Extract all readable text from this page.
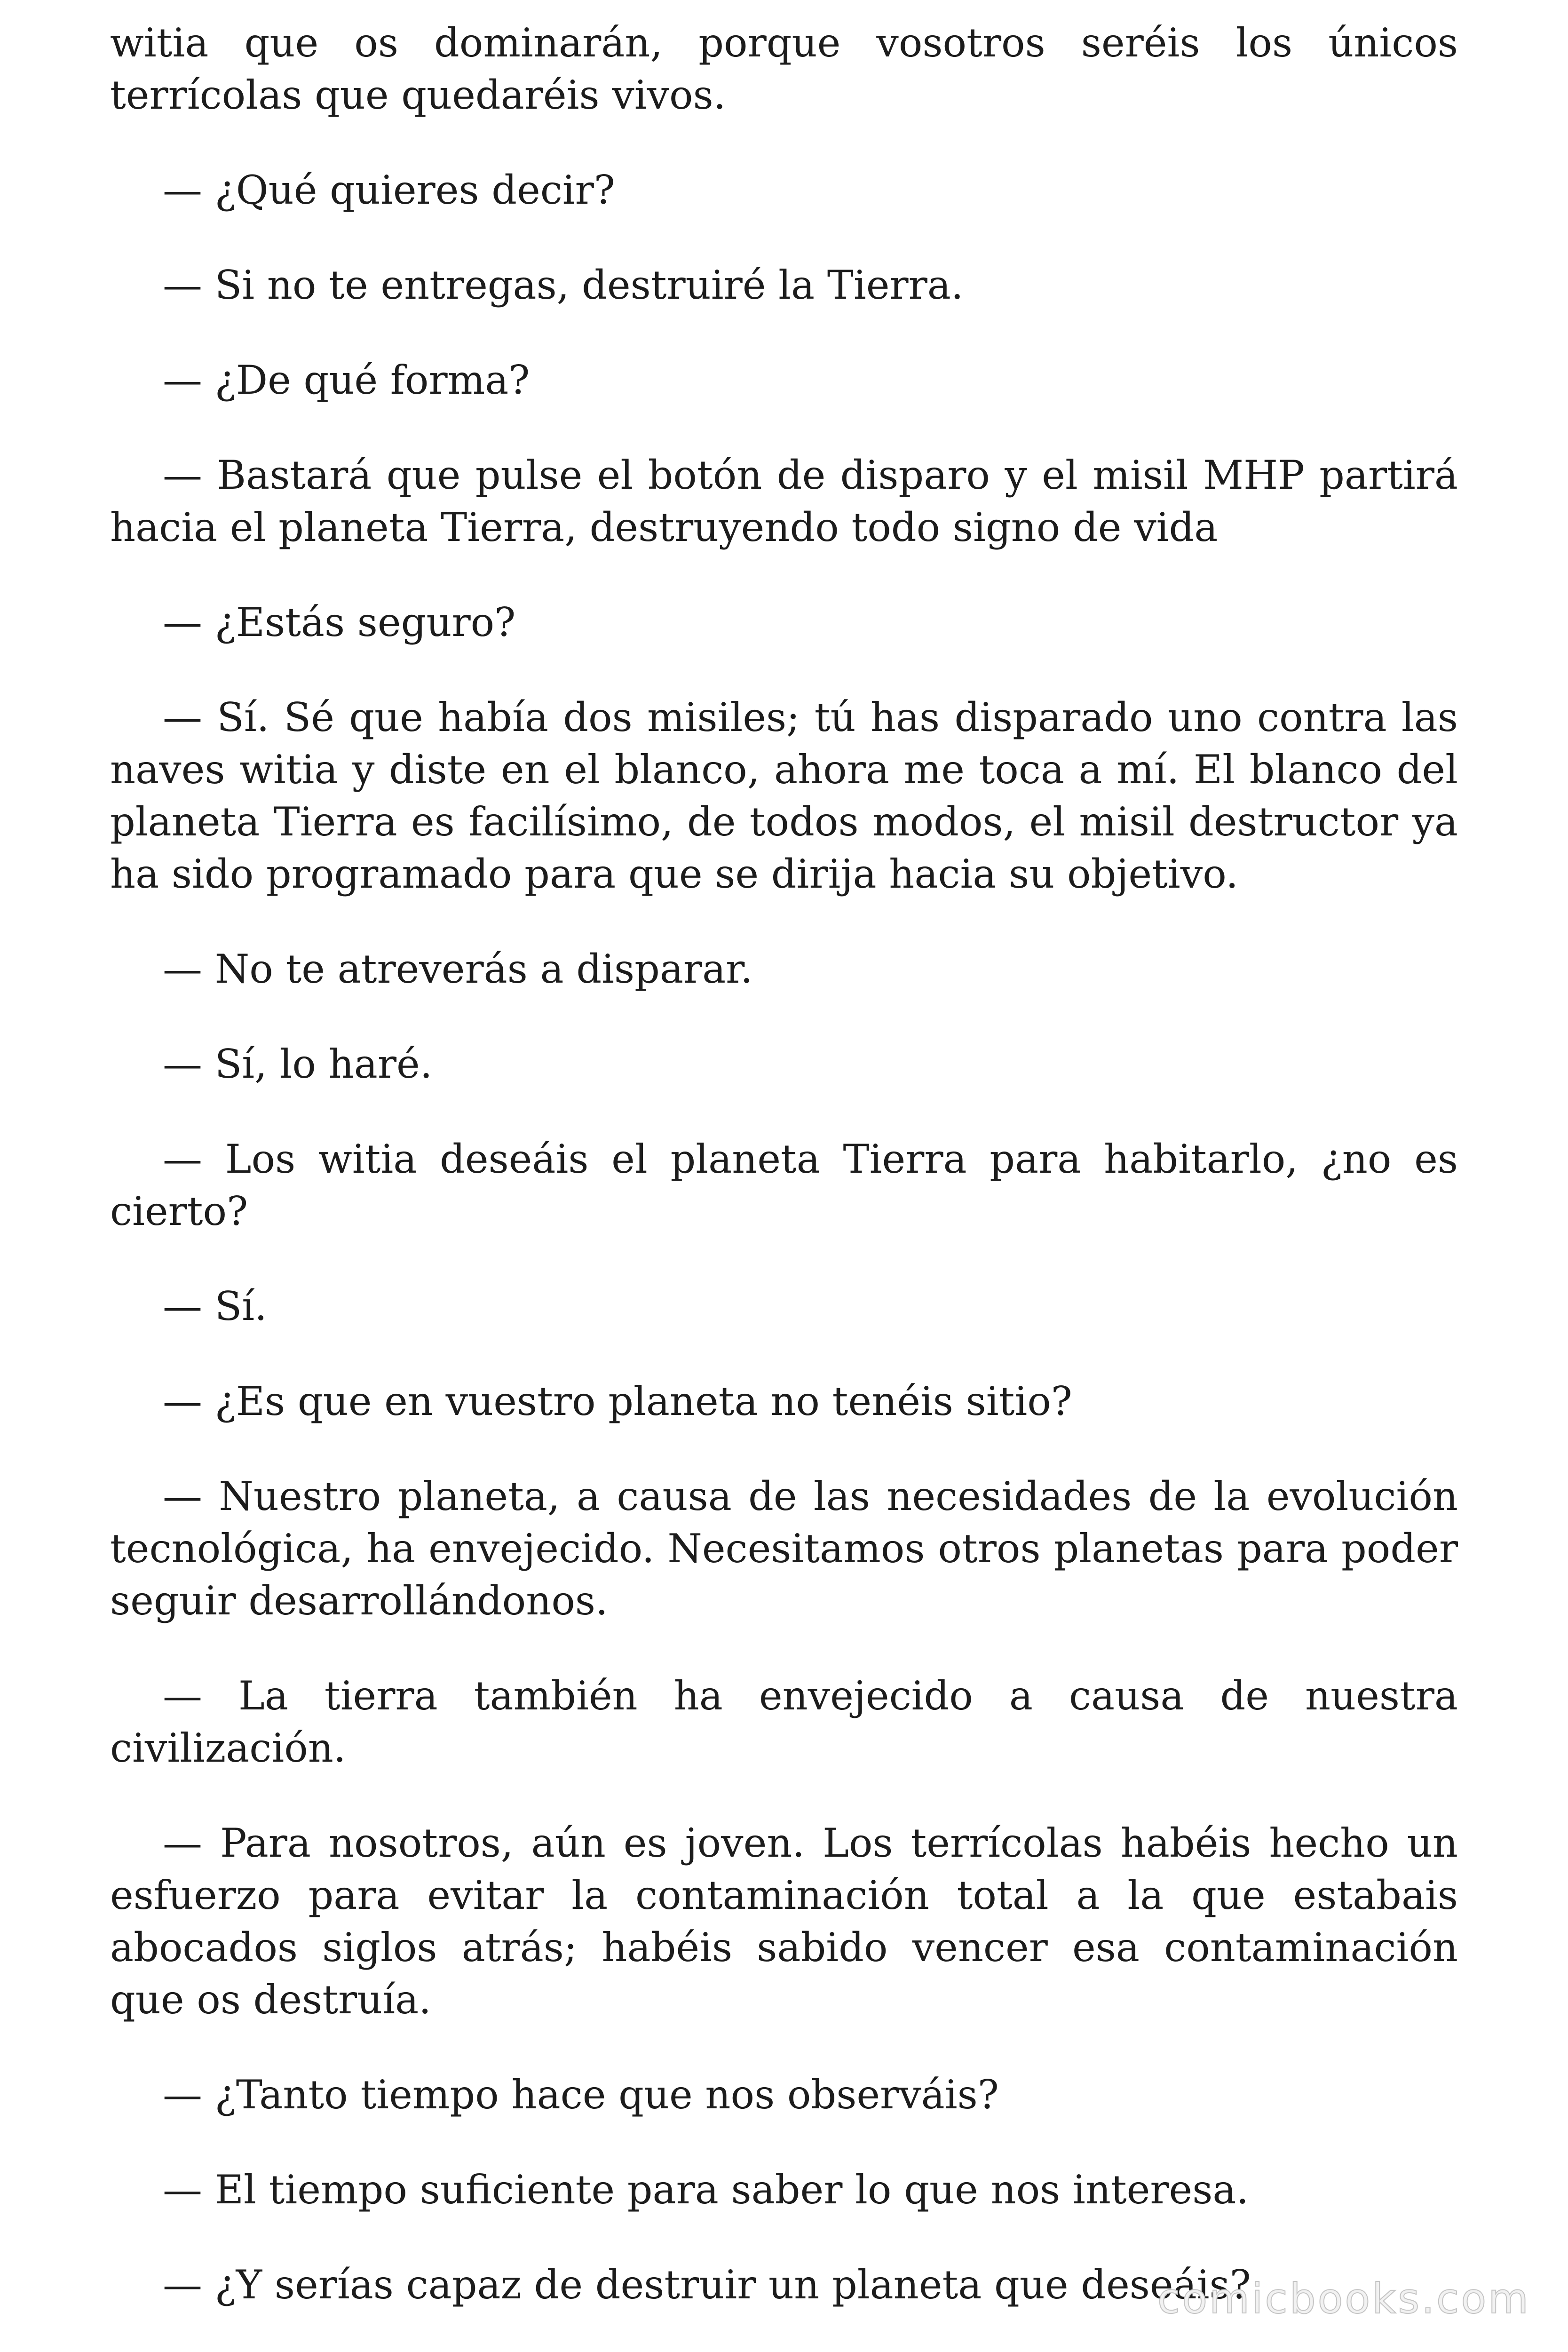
witia que os dominarán, porque vosotros seréis los únicos terrícolas que quedaréis vivos.

— ¿Qué quieres decir?

— Si no te entregas, destruiré la Tierra.

— ¿De qué forma?

— Bastará que pulse el botón de disparo y el misil MHP partirá hacia el planeta Tierra, destruyendo todo signo de vida

— ¿Estás seguro?

— Sí. Sé que había dos misiles; tú has disparado uno contra las naves witia y diste en el blanco, ahora me toca a mí. El blanco del planeta Tierra es facilísimo, de todos modos, el misil destructor ya ha sido programado para que se dirija hacia su objetivo.

— No te atreverás a disparar.

— Sí, lo haré.

— Los witia deseáis el planeta Tierra para habitarlo, ¿no es cierto?

— Sí.

— ¿Es que en vuestro planeta no tenéis sitio?

— Nuestro planeta, a causa de las necesidades de la evolución tecnológica, ha envejecido. Necesitamos otros planetas para poder seguir desarrollándonos.

— La tierra también ha envejecido a causa de nuestra civilización.

— Para nosotros, aún es joven. Los terrícolas habéis hecho un esfuerzo para evitar la contaminación total a la que estabais abocados siglos atrás; habéis sabido vencer esa contaminación que os destruía.

— ¿Tanto tiempo hace que nos observáis?

— El tiempo suficiente para saber lo que nos interesa.

— ¿Y serías capaz de destruir un planeta que deseáis?

comicbooks.com
